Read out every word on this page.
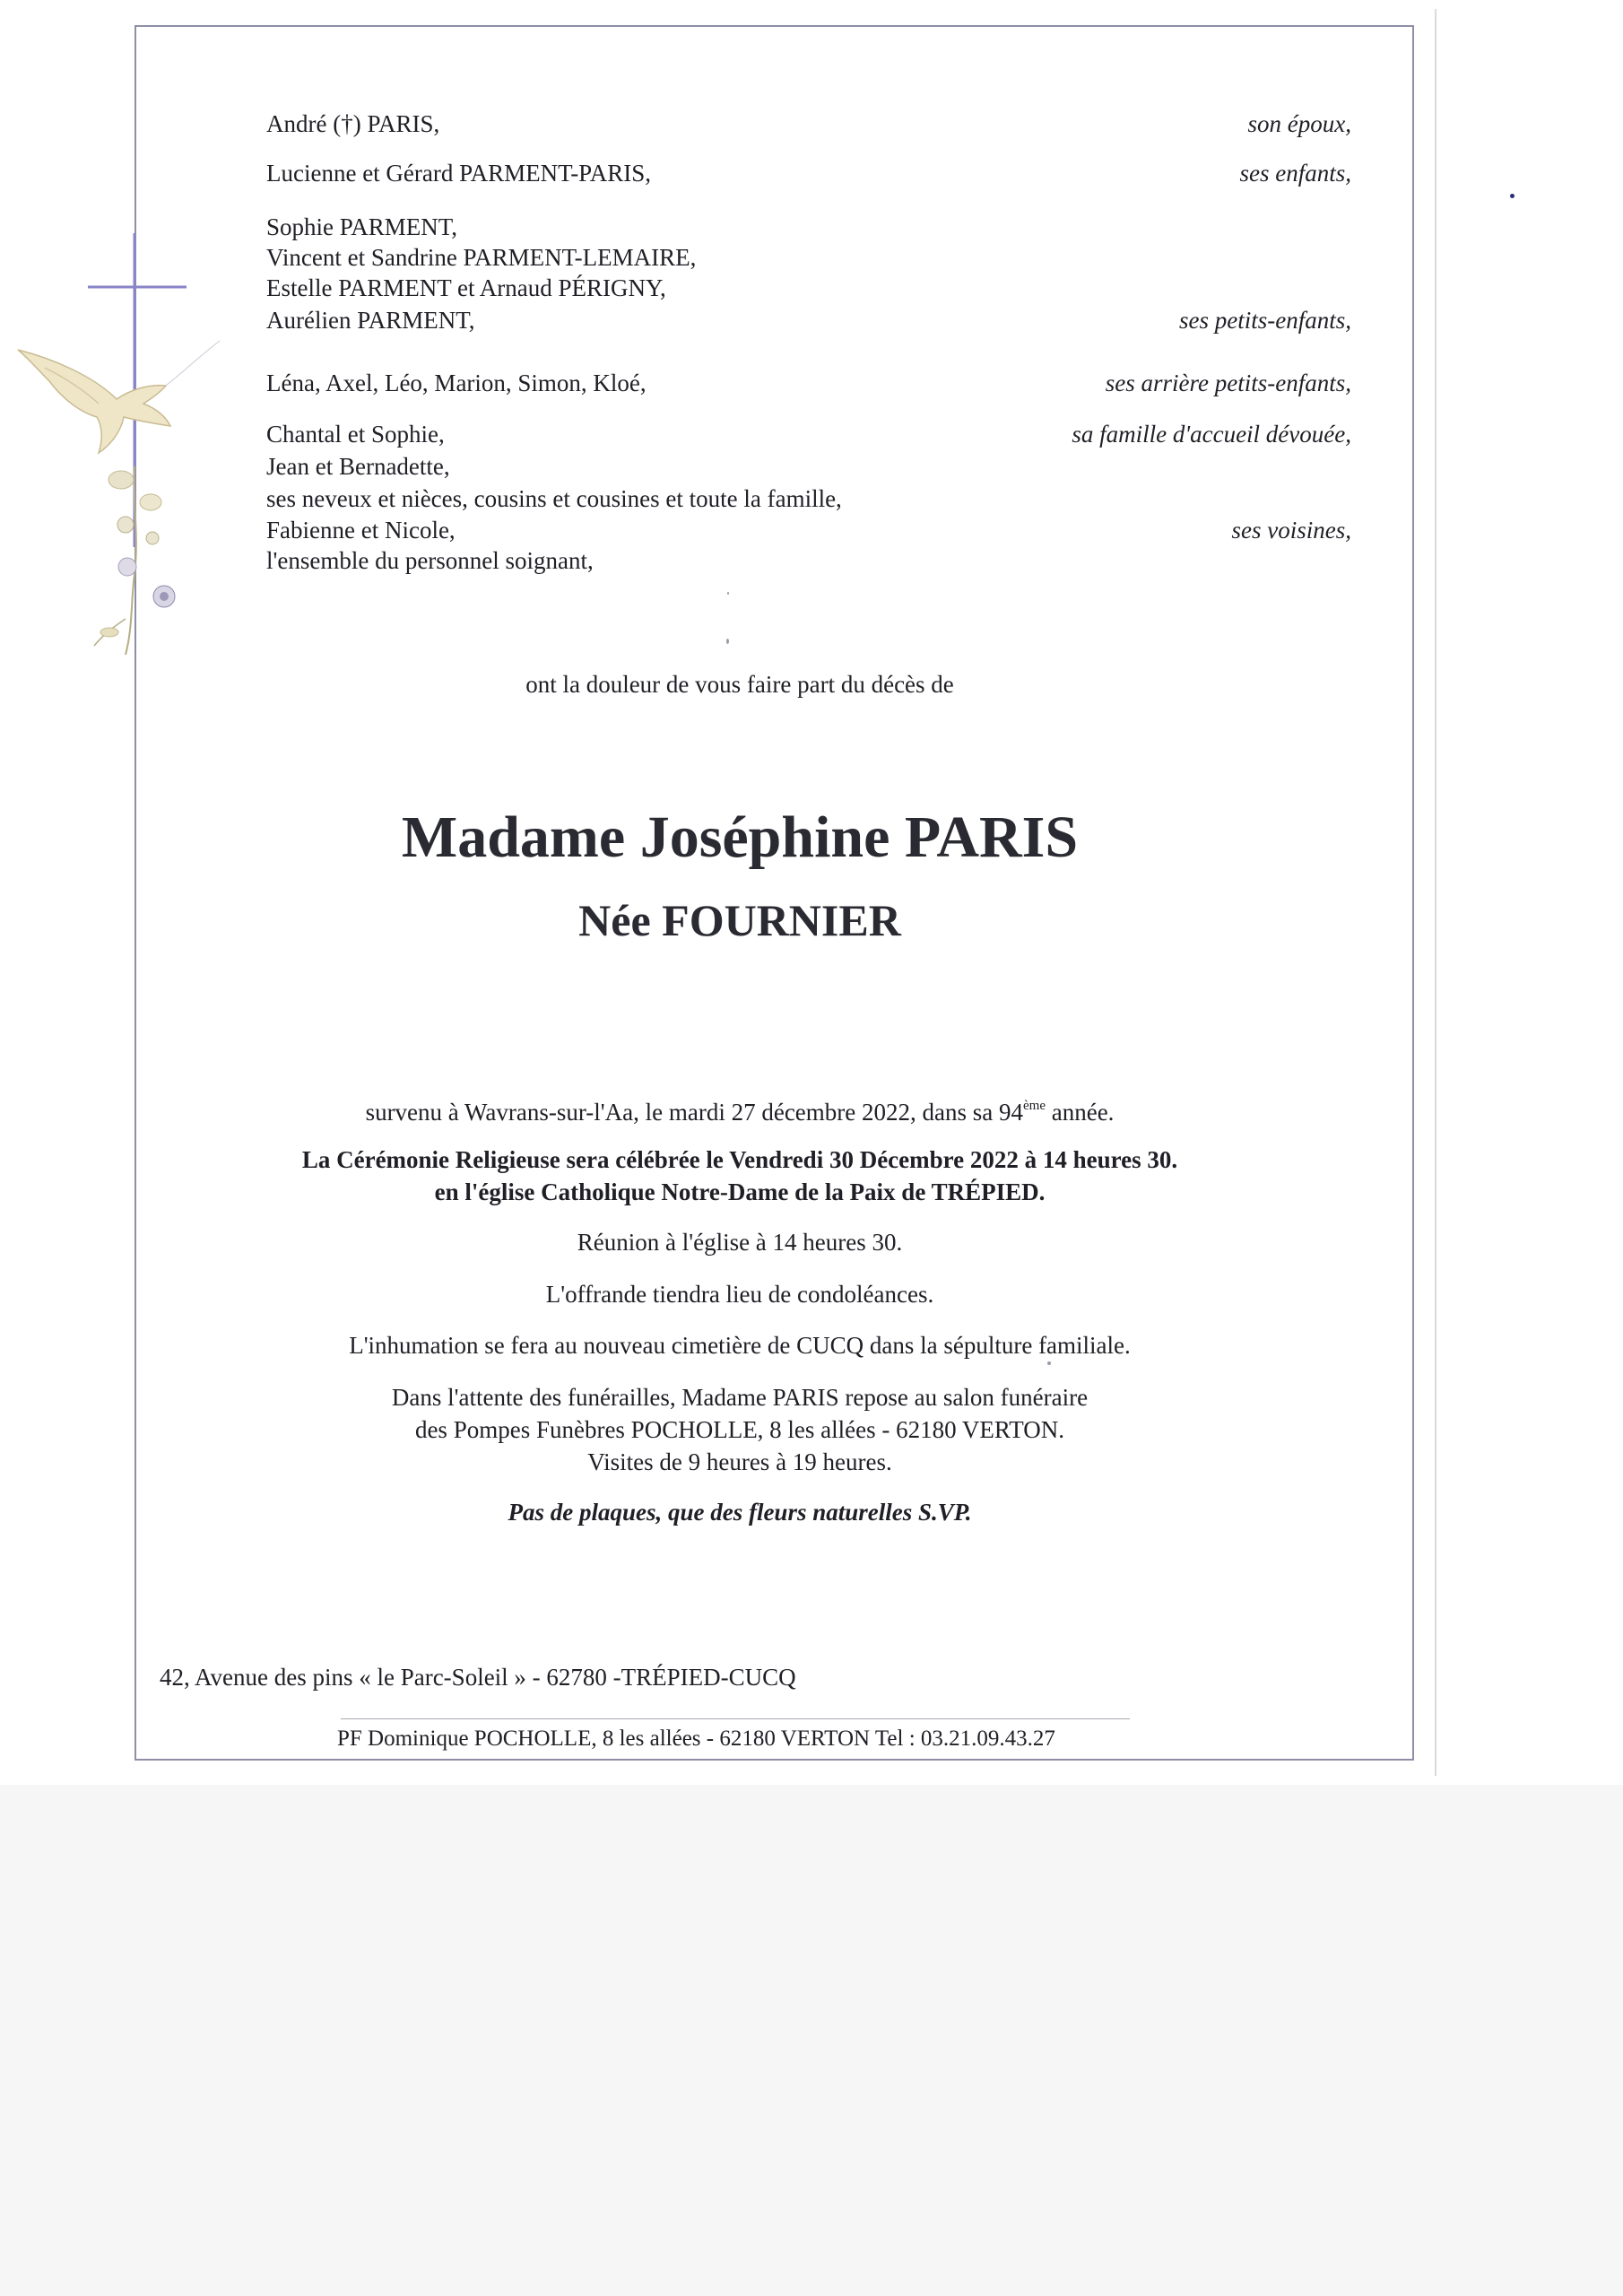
André (†) PARIS,	son époux,
Lucienne et Gérard PARMENT-PARIS,	ses enfants,
Sophie PARMENT,
Vincent et Sandrine PARMENT-LEMAIRE,
Estelle PARMENT et Arnaud PÉRIGNY,
Aurélien PARMENT,	ses petits-enfants,
Léna, Axel, Léo, Marion, Simon, Kloé,	ses arrière petits-enfants,
Chantal et Sophie,	sa famille d'accueil dévouée,
Jean et Bernadette,
ses neveux et nièces, cousins et cousines et toute la famille,
Fabienne et Nicole,	ses voisines,
l'ensemble du personnel soignant,
ont la douleur de vous faire part du décès de
Madame Joséphine PARIS
Née FOURNIER
survenu à Wavrans-sur-l'Aa, le mardi 27 décembre 2022, dans sa 94ème année.
La Cérémonie Religieuse sera célébrée le Vendredi 30 Décembre 2022 à 14 heures 30.
en l'église Catholique Notre-Dame de la Paix de TRÉPIED.
Réunion à l'église à 14 heures 30.
L'offrande tiendra lieu de condoléances.
L'inhumation se fera au nouveau cimetière de CUCQ dans la sépulture familiale.
Dans l'attente des funérailles, Madame PARIS repose au salon funéraire
des Pompes Funèbres POCHOLLE, 8 les allées - 62180 VERTON.
Visites de 9 heures à 19 heures.
Pas de plaques, que des fleurs naturelles S.VP.
42, Avenue des pins « le Parc-Soleil » - 62780 -TRÉPIED-CUCQ
PF Dominique POCHOLLE, 8 les allées - 62180 VERTON Tel : 03.21.09.43.27
